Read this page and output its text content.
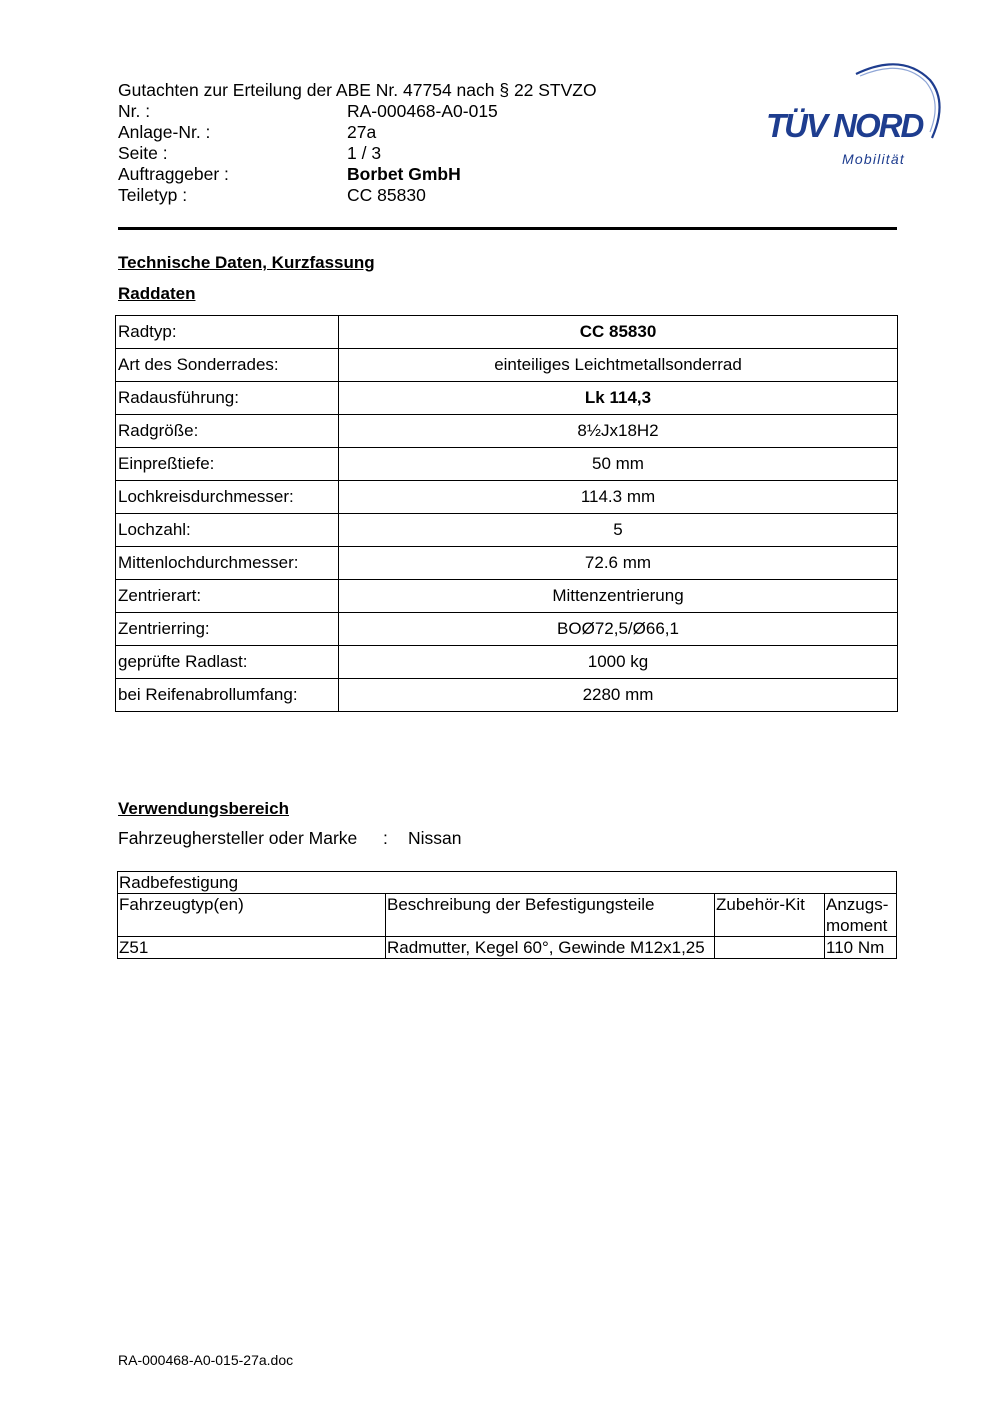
Gutachten zur Erteilung der ABE Nr. 47754 nach § 22 STVZO
Nr. :	RA-000468-A0-015
Anlage-Nr. :	27a
Seite :	1 / 3
Auftraggeber :	Borbet GmbH
Teiletyp :	CC 85830
TÜV NORD
Mobilität
Technische Daten, Kurzfassung
Raddaten
Radtyp:	CC 85830
Art des Sonderrades:	einteiliges Leichtmetallsonderrad
Radausführung:	Lk 114,3
Radgröße:	8½Jx18H2
Einpreßtiefe:	50 mm
Lochkreisdurchmesser:	114.3 mm
Lochzahl:	5
Mittenlochdurchmesser:	72.6 mm
Zentrierart:	Mittenzentrierung
Zentrierring:	BOØ72,5/Ø66,1
geprüfte Radlast:	1000 kg
bei Reifenabrollumfang:	2280 mm
Verwendungsbereich
Fahrzeughersteller oder Marke : Nissan
Radbefestigung			
Fahrzeugtyp(en)	Beschreibung der Befestigungsteile	Zubehör-Kit	Anzugs-moment
Z51	Radmutter, Kegel 60°, Gewinde M12x1,25		110 Nm
RA-000468-A0-015-27a.doc
